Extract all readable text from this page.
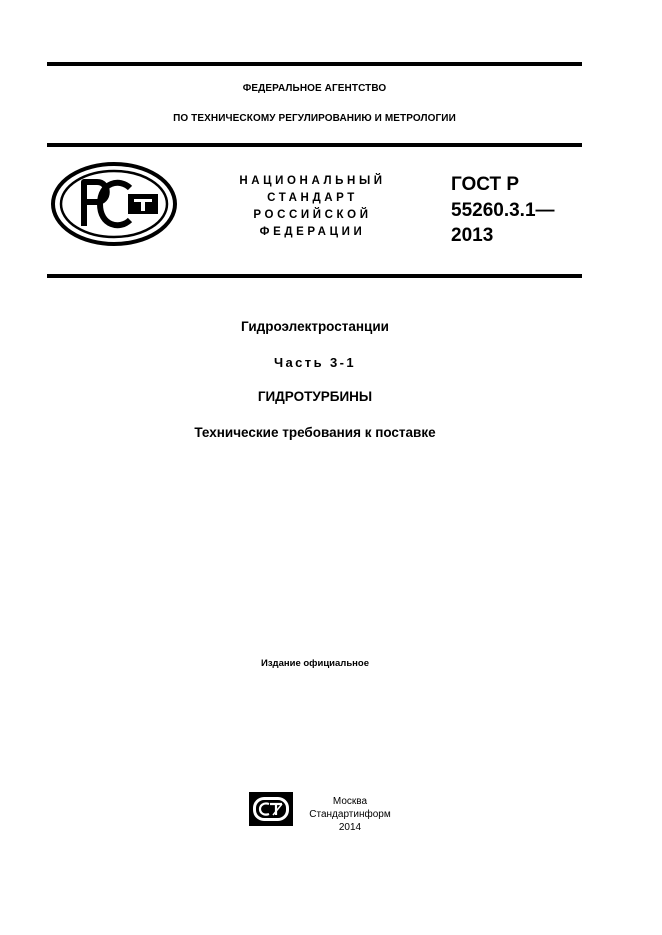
ФЕДЕРАЛЬНОЕ АГЕНТСТВО
ПО ТЕХНИЧЕСКОМУ РЕГУЛИРОВАНИЮ И МЕТРОЛОГИИ
НАЦИОНАЛЬНЫЙ
СТАНДАРТ
РОССИЙСКОЙ
ФЕДЕРАЦИИ
ГОСТ Р
55260.3.1—
2013
Гидроэлектростанции
Часть 3-1
ГИДРОТУРБИНЫ
Технические требования к поставке
Издание официальное
Москва
Стандартинформ
2014
